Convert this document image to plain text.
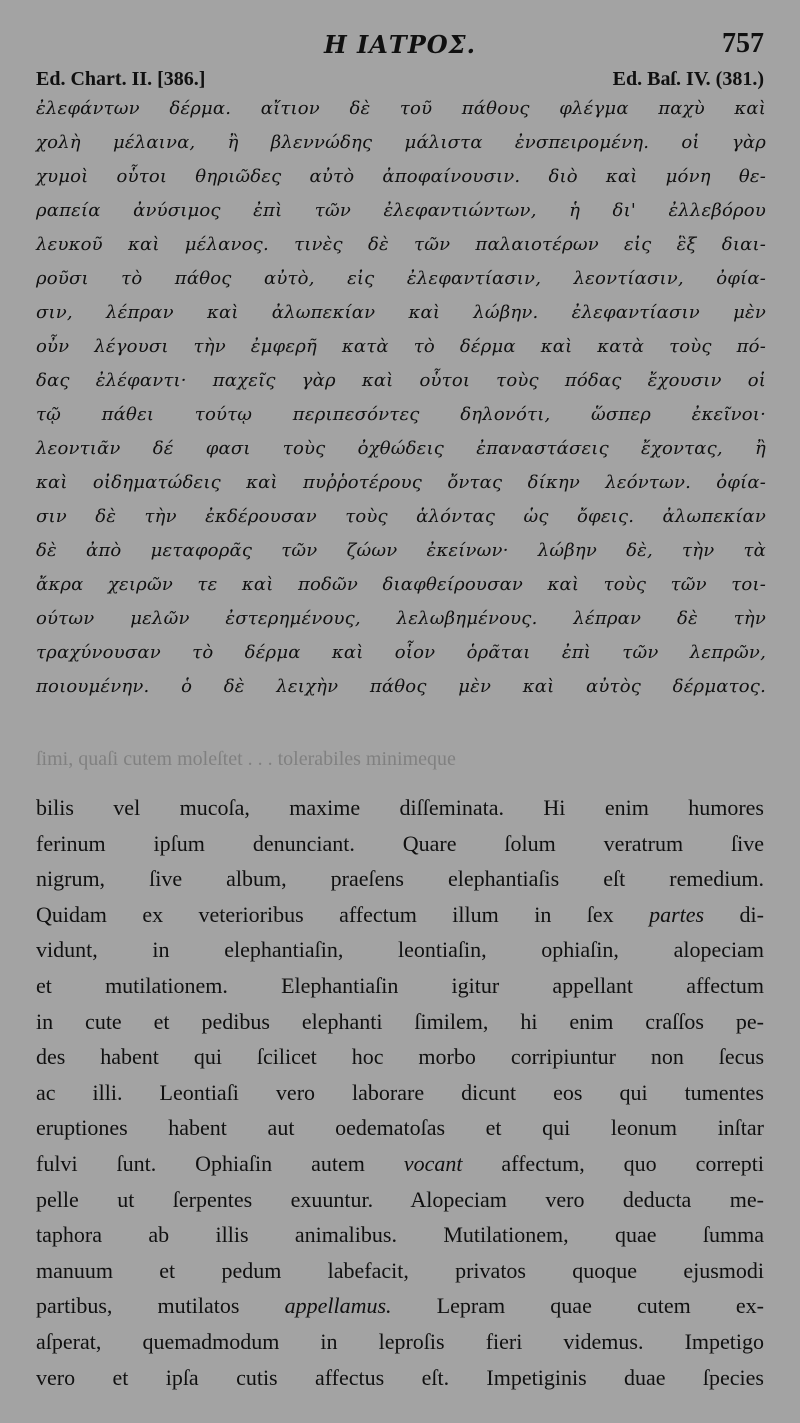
Η ΙΑΤΡΟΣ.	757
Ed. Chart. II. [386.]	Ed. Baſ. IV. (381.)
ἐλεφάντων δέρμα. αἴτιον δὲ τοῦ πάθους φλέγμα παχὺ καὶ
χολὴ μέλαινα, ἢ βλεννώδης μάλιστα ἐνσπειρομένη. οἱ γὰρ
χυμοὶ οὗτοι θηριῶδες αὐτὸ ἀποφαίνουσιν. διὸ καὶ μόνη θε-
ραπεία ἀνύσιμος ἐπὶ τῶν ἐλεφαντιώντων, ἡ δι' ἐλλεβόρου
λευκοῦ καὶ μέλανος. τινὲς δὲ τῶν παλαιοτέρων εἰς ἓξ διαι-
ροῦσι τὸ πάθος αὐτὸ, εἰς ἐλεφαντίασιν, λεοντίασιν, ὀφία-
σιν, λέπραν καὶ ἀλωπεκίαν καὶ λώβην. ἐλεφαντίασιν μὲν
οὖν λέγουσι τὴν ἐμφερῆ κατὰ τὸ δέρμα καὶ κατὰ τοὺς πό-
δας ἐλέφαντι· παχεῖς γὰρ καὶ οὗτοι τοὺς πόδας ἔχουσιν οἱ
τῷ πάθει τούτῳ περιπεσόντες δηλονότι, ὥσπερ ἐκεῖνοι·
λεοντιᾶν δέ φασι τοὺς ὀχθώδεις ἐπαναστάσεις ἔχοντας, ἢ
καὶ οἰδηματώδεις καὶ πυῤῥοτέρους ὄντας δίκην λεόντων. ὀφία-
σιν δὲ τὴν ἐκδέρουσαν τοὺς ἁλόντας ὡς ὄφεις. ἀλωπεκίαν
δὲ ἀπὸ μεταφορᾶς τῶν ζώων ἐκείνων· λώβην δὲ, τὴν τὰ
ἄκρα χειρῶν τε καὶ ποδῶν διαφθείρουσαν καὶ τοὺς τῶν τοι-
ούτων μελῶν ἐστερημένους, λελωβημένους. λέπραν δὲ τὴν
τραχύνουσαν τὸ δέρμα καὶ οἷον ὁρᾶται ἐπὶ τῶν λεπρῶν,
ποιουμένην. ὁ δὲ λειχὴν πάθος μὲν καὶ αὐτὸς δέρματος.
ſimi, quaſi cutem moleſtet . . . tolerabiles minimeque
bilis vel mucoſa, maxime diſſeminata. Hi enim humores
ferinum ipſum denunciant. Quare ſolum veratrum ſive
nigrum, ſive album, praeſens elephantiaſis eſt remedium.
Quidam ex veterioribus affectum illum in ſex partes di-
vidunt, in elephantiaſin, leontiaſin, ophiaſin, alopeciam
et mutilationem. Elephantiaſin igitur appellant affectum
in cute et pedibus elephanti ſimilem, hi enim craſſos pe-
des habent qui ſcilicet hoc morbo corripiuntur non ſecus
ac illi. Leontiaſi vero laborare dicunt eos qui tumentes
eruptiones habent aut oedematoſas et qui leonum inſtar
fulvi ſunt. Ophiaſin autem vocant affectum, quo correpti
pelle ut ſerpentes exuuntur. Alopeciam vero deducta me-
taphora ab illis animalibus. Mutilationem, quae ſumma
manuum et pedum labefacit, privatos quoque ejusmodi
partibus, mutilatos appellamus. Lepram quae cutem ex-
aſperat, quemadmodum in leproſis fieri videmus. Impetigo
vero et ipſa cutis affectus eſt. Impetiginis duae ſpecies
